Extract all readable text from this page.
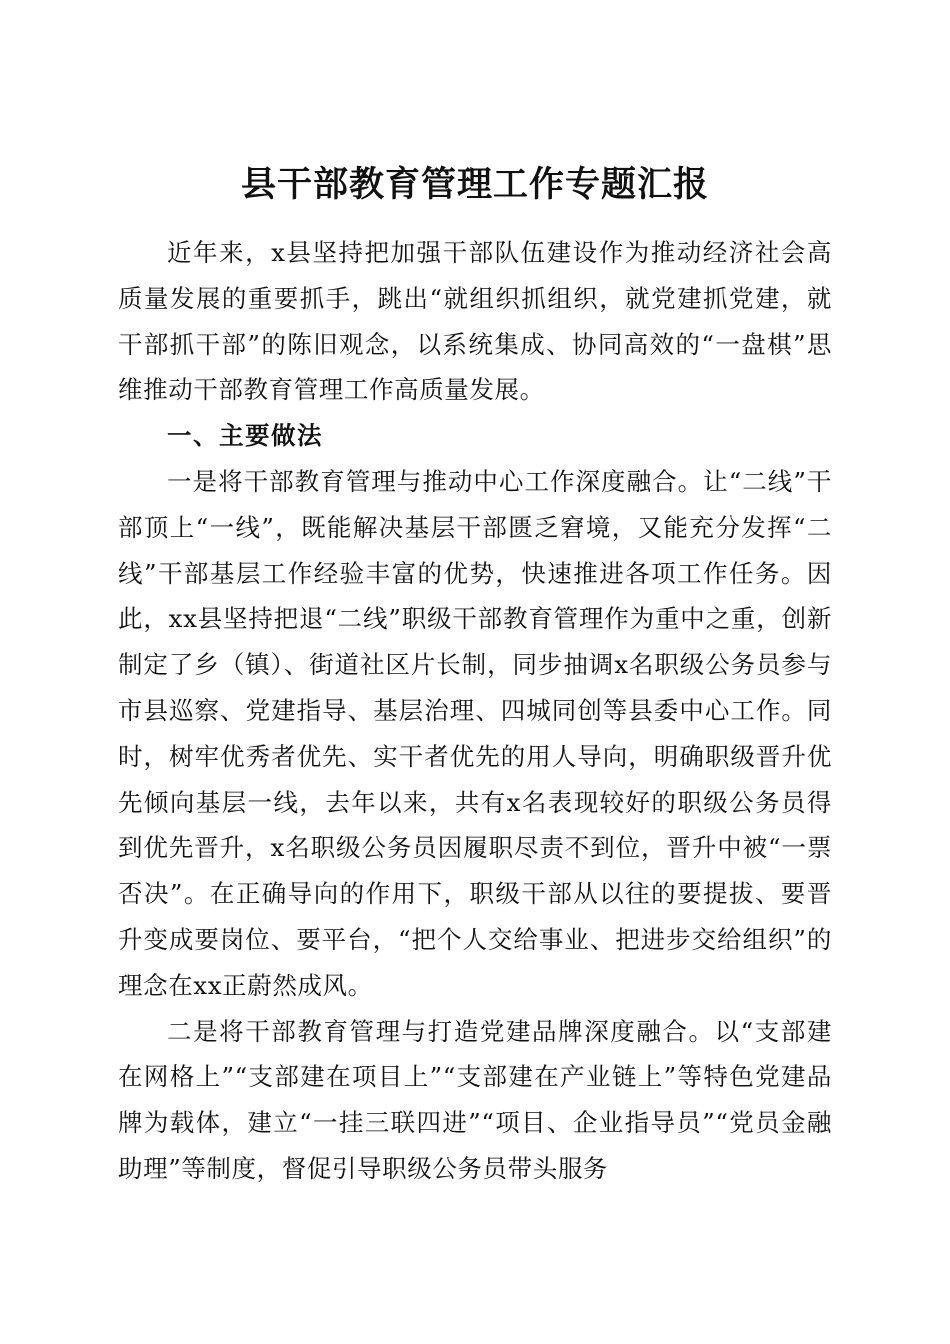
县干部教育管理工作专题汇报

近年来，x县坚持把加强干部队伍建设作为推动经济社会高质量发展的重要抓手，跳出“就组织抓组织，就党建抓党建，就干部抓干部”的陈旧观念，以系统集成、协同高效的“一盘棋”思维推动干部教育管理工作高质量发展。

一、主要做法

一是将干部教育管理与推动中心工作深度融合。让“二线”干部顶上“一线”，既能解决基层干部匮乏窘境，又能充分发挥“二线”干部基层工作经验丰富的优势，快速推进各项工作任务。因此，xx县坚持把退“二线”职级干部教育管理作为重中之重，创新制定了乡（镇）、街道社区片长制，同步抽调x名职级公务员参与市县巡察、党建指导、基层治理、四城同创等县委中心工作。同时，树牢优秀者优先、实干者优先的用人导向，明确职级晋升优先倾向基层一线，去年以来，共有x名表现较好的职级公务员得到优先晋升，x名职级公务员因履职尽责不到位，晋升中被“一票否决”。在正确导向的作用下，职级干部从以往的要提拔、要晋升变成要岗位、要平台，“把个人交给事业、把进步交给组织”的理念在xx正蔚然成风。

二是将干部教育管理与打造党建品牌深度融合。以“支部建在网格上”“支部建在项目上”“支部建在产业链上”等特色党建品牌为载体，建立“一挂三联四进”“项目、企业指导员”“党员金融助理”等制度，督促引导职级公务员带头服务
